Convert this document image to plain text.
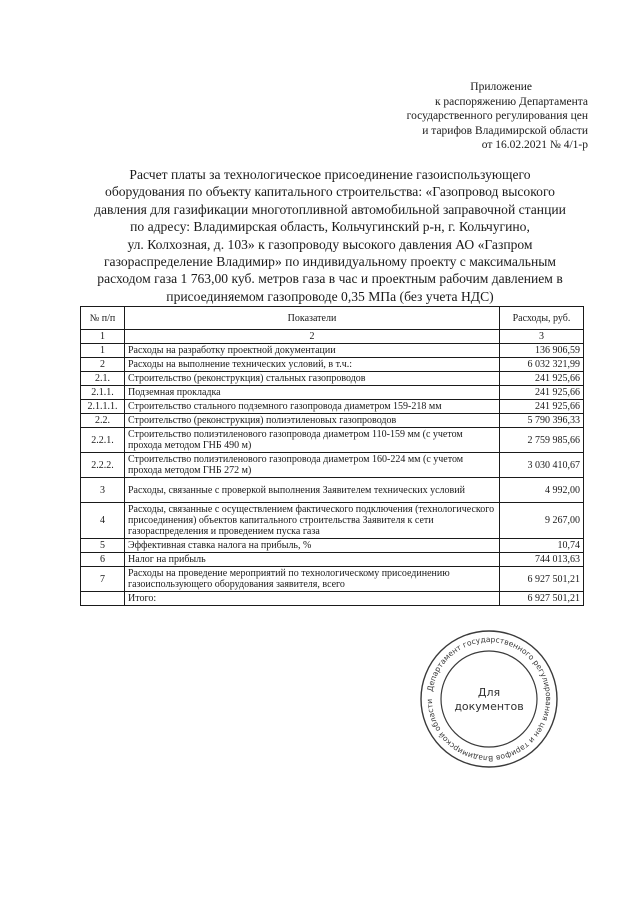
Приложение
к распоряжению Департамента
государственного регулирования цен
и тарифов Владимирской области
от 16.02.2021 № 4/1-р
Расчет платы за технологическое присоединение газоиспользующего
оборудования по объекту капитального строительства: «Газопровод высокого
давления для газификации многотопливной автомобильной заправочной станции
по адресу: Владимирская область, Кольчугинский р-н, г. Кольчугино,
ул. Колхозная, д. 103» к газопроводу высокого давления АО «Газпром
газораспределение Владимир» по индивидуальному проекту с максимальным
расходом газа 1 763,00 куб. метров газа в час и проектным рабочим давлением в
присоединяемом газопроводе 0,35 МПа (без учета НДС)
№ п/п	Показатели	Расходы, руб.
1	2	3
1	Расходы на разработку проектной документации	136 906,59
2	Расходы на выполнение технических условий, в т.ч.:	6 032 321,99
2.1.	Строительство (реконструкция) стальных газопроводов	241 925,66
2.1.1.	Подземная прокладка	241 925,66
2.1.1.1.	Строительство стального подземного газопровода диаметром 159-218 мм	241 925,66
2.2.	Строительство (реконструкция) полиэтиленовых газопроводов	5 790 396,33
2.2.1.	Строительство полиэтиленового газопровода диаметром 110-159 мм (с учетом прохода методом ГНБ 490 м)	2 759 985,66
2.2.2.	Строительство полиэтиленового газопровода диаметром 160-224 мм (с учетом прохода методом ГНБ 272 м)	3 030 410,67
3	Расходы, связанные с проверкой выполнения Заявителем технических условий	4 992,00
4	Расходы, связанные с осуществлением фактического подключения (технологического присоединения) объектов капитального строительства Заявителя к сети газораспределения и проведением пуска газа	9 267,00
5	Эффективная ставка налога на прибыль, %	10,74
6	Налог на прибыль	744 013,63
7	Расходы на проведение мероприятий по технологическому присоединению газоиспользующего оборудования заявителя, всего	6 927 501,21
	Итого:	6 927 501,21
Департамент государственного регулирования цен и тарифов Владимирской области
Для
документов
